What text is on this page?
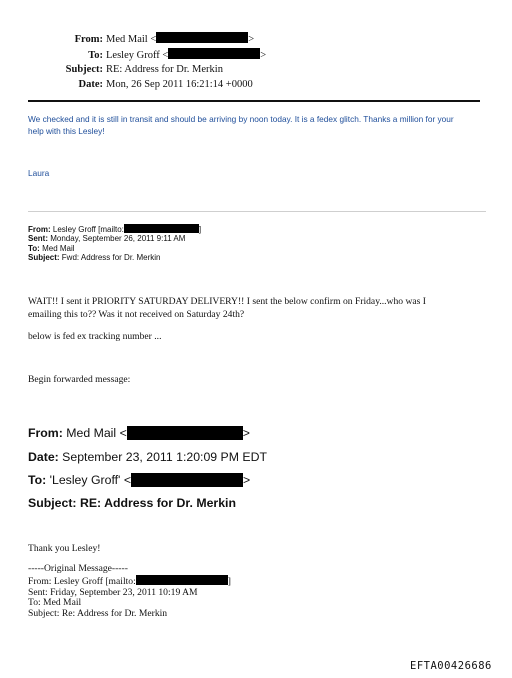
From: Med Mail <	>
To: Lesley Groff <	>
Subject: RE: Address for Dr. Merkin
Date: Mon, 26 Sep 2011 16:21:14 +0000
We checked and it is still in transit and should be arriving by noon today. It is a fedex glitch. Thanks a million for your
help with this Lesley!
Laura
From: Lesley Groff [mailto:	]
Sent: Monday, September 26, 2011 9:11 AM
To: Med Mail
Subject: Fwd: Address for Dr. Merkin
WAIT!! I sent it PRIORITY SATURDAY DELIVERY!! I sent the below confirm on Friday...who was I
emailing this to?? Was it not received on Saturday 24th?
below is fed ex tracking number ...
Begin forwarded message:
From: Med Mail <	>
Date: September 23, 2011 1:20:09 PM EDT
To: 'Lesley Groff' <	>
Subject: RE: Address for Dr. Merkin
Thank you Lesley!
-----Original Message-----
From: Lesley Groff [mailto:	]
Sent: Friday, September 23, 2011 10:19 AM
To: Med Mail
Subject: Re: Address for Dr. Merkin
EFTA00426686
